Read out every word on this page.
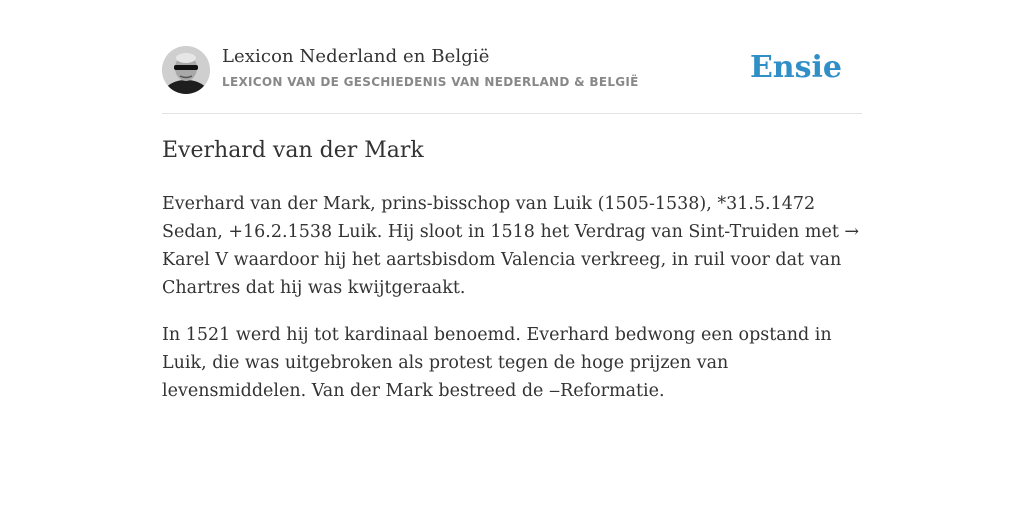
Lexicon Nederland en België
LEXICON VAN DE GESCHIEDENIS VAN NEDERLAND & BELGIË	Ensie
Everhard van der Mark

Everhard van der Mark, prins-bisschop van Luik (1505-1538), *31.5.1472 Sedan, +16.2.1538 Luik. Hij sloot in 1518 het Verdrag van Sint-Truiden met → Karel V waardoor hij het aartsbisdom Valencia verkreeg, in ruil voor dat van Chartres dat hij was kwijtgeraakt.

In 1521 werd hij tot kardinaal benoemd. Everhard bedwong een opstand in Luik, die was uitgebroken als protest tegen de hoge prijzen van levensmiddelen. Van der Mark bestreed de ‒Reformatie.
